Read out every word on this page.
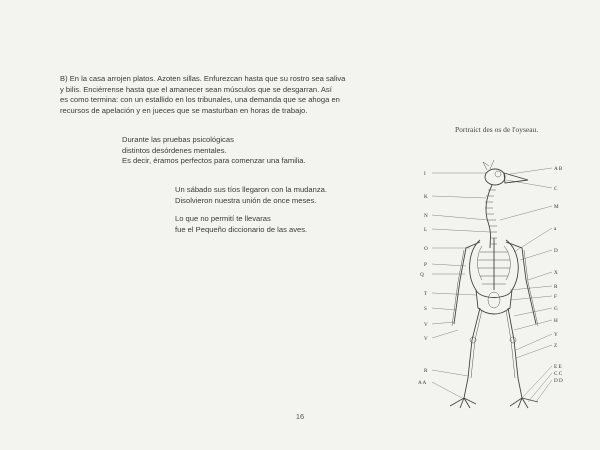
B) En la casa arrojen platos. Azoten sillas. Enfurezcan hasta que su rostro sea saliva
y bilis. Enciérrense hasta que el amanecer sean músculos que se desgarran. Así
es como termina: con un estallido en los tribunales, una demanda que se ahoga en
recursos de apelación y en jueces que se masturban en horas de trabajo.
Durante las pruebas psicológicas
distintos desórdenes mentales.
Es decir, éramos perfectos para comenzar una familia.
Un sábado sus tíos llegaron con la mudanza.
Disolvieron nuestra unión de once meses.
Lo que no permití te llevaras
fue el Pequeño diccionario de las aves.
Portraict des os de l'oyseau.
I
K
N
L
O
P
Q
T
S
V
V
R
A A
A B
C
M
a
D
X
R
F
G
H
Y
Z
E E
C C
D D
16
